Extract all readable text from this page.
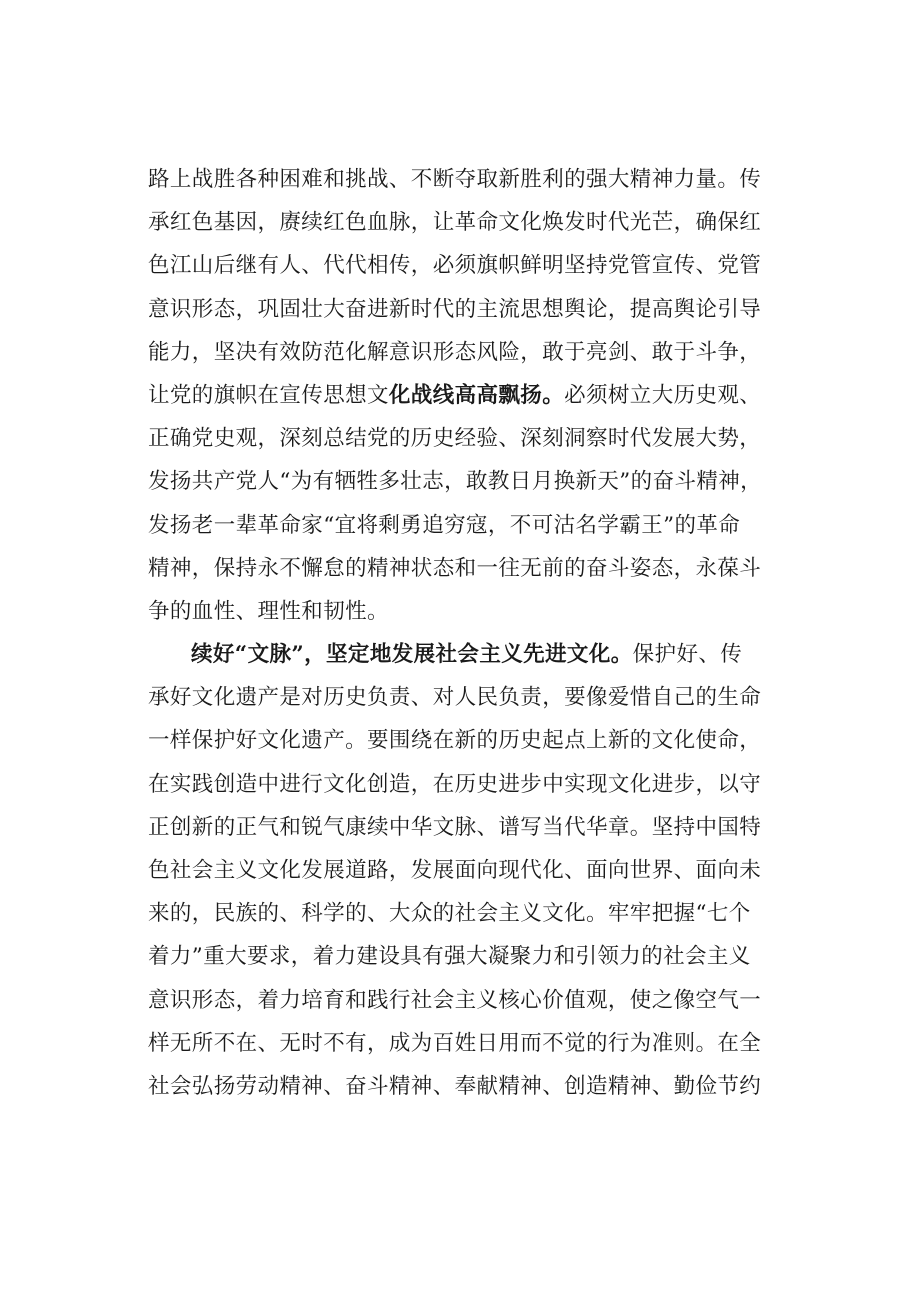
路上战胜各种困难和挑战、不断夺取新胜利的强大精神力量。传
承红色基因，赓续红色血脉，让革命文化焕发时代光芒，确保红
色江山后继有人、代代相传，必须旗帜鲜明坚持党管宣传、党管
意识形态，巩固壮大奋进新时代的主流思想舆论，提高舆论引导
能力，坚决有效防范化解意识形态风险，敢于亮剑、敢于斗争，
让党的旗帜在宣传思想文化战线高高飘扬。必须树立大历史观、
正确党史观，深刻总结党的历史经验、深刻洞察时代发展大势，
发扬共产党人“为有牺牲多壮志，敢教日月换新天”的奋斗精神，
发扬老一辈革命家“宜将剩勇追穷寇，不可沽名学霸王”的革命
精神，保持永不懈怠的精神状态和一往无前的奋斗姿态，永葆斗
争的血性、理性和韧性。
续好“文脉”，坚定地发展社会主义先进文化。保护好、传
承好文化遗产是对历史负责、对人民负责，要像爱惜自己的生命
一样保护好文化遗产。要围绕在新的历史起点上新的文化使命，
在实践创造中进行文化创造，在历史进步中实现文化进步，以守
正创新的正气和锐气康续中华文脉、谱写当代华章。坚持中国特
色社会主义文化发展道路，发展面向现代化、面向世界、面向未
来的，民族的、科学的、大众的社会主义文化。牢牢把握“七个
着力”重大要求，着力建设具有强大凝聚力和引领力的社会主义
意识形态，着力培育和践行社会主义核心价值观，使之像空气一
样无所不在、无时不有，成为百姓日用而不觉的行为准则。在全
社会弘扬劳动精神、奋斗精神、奉献精神、创造精神、勤俭节约
